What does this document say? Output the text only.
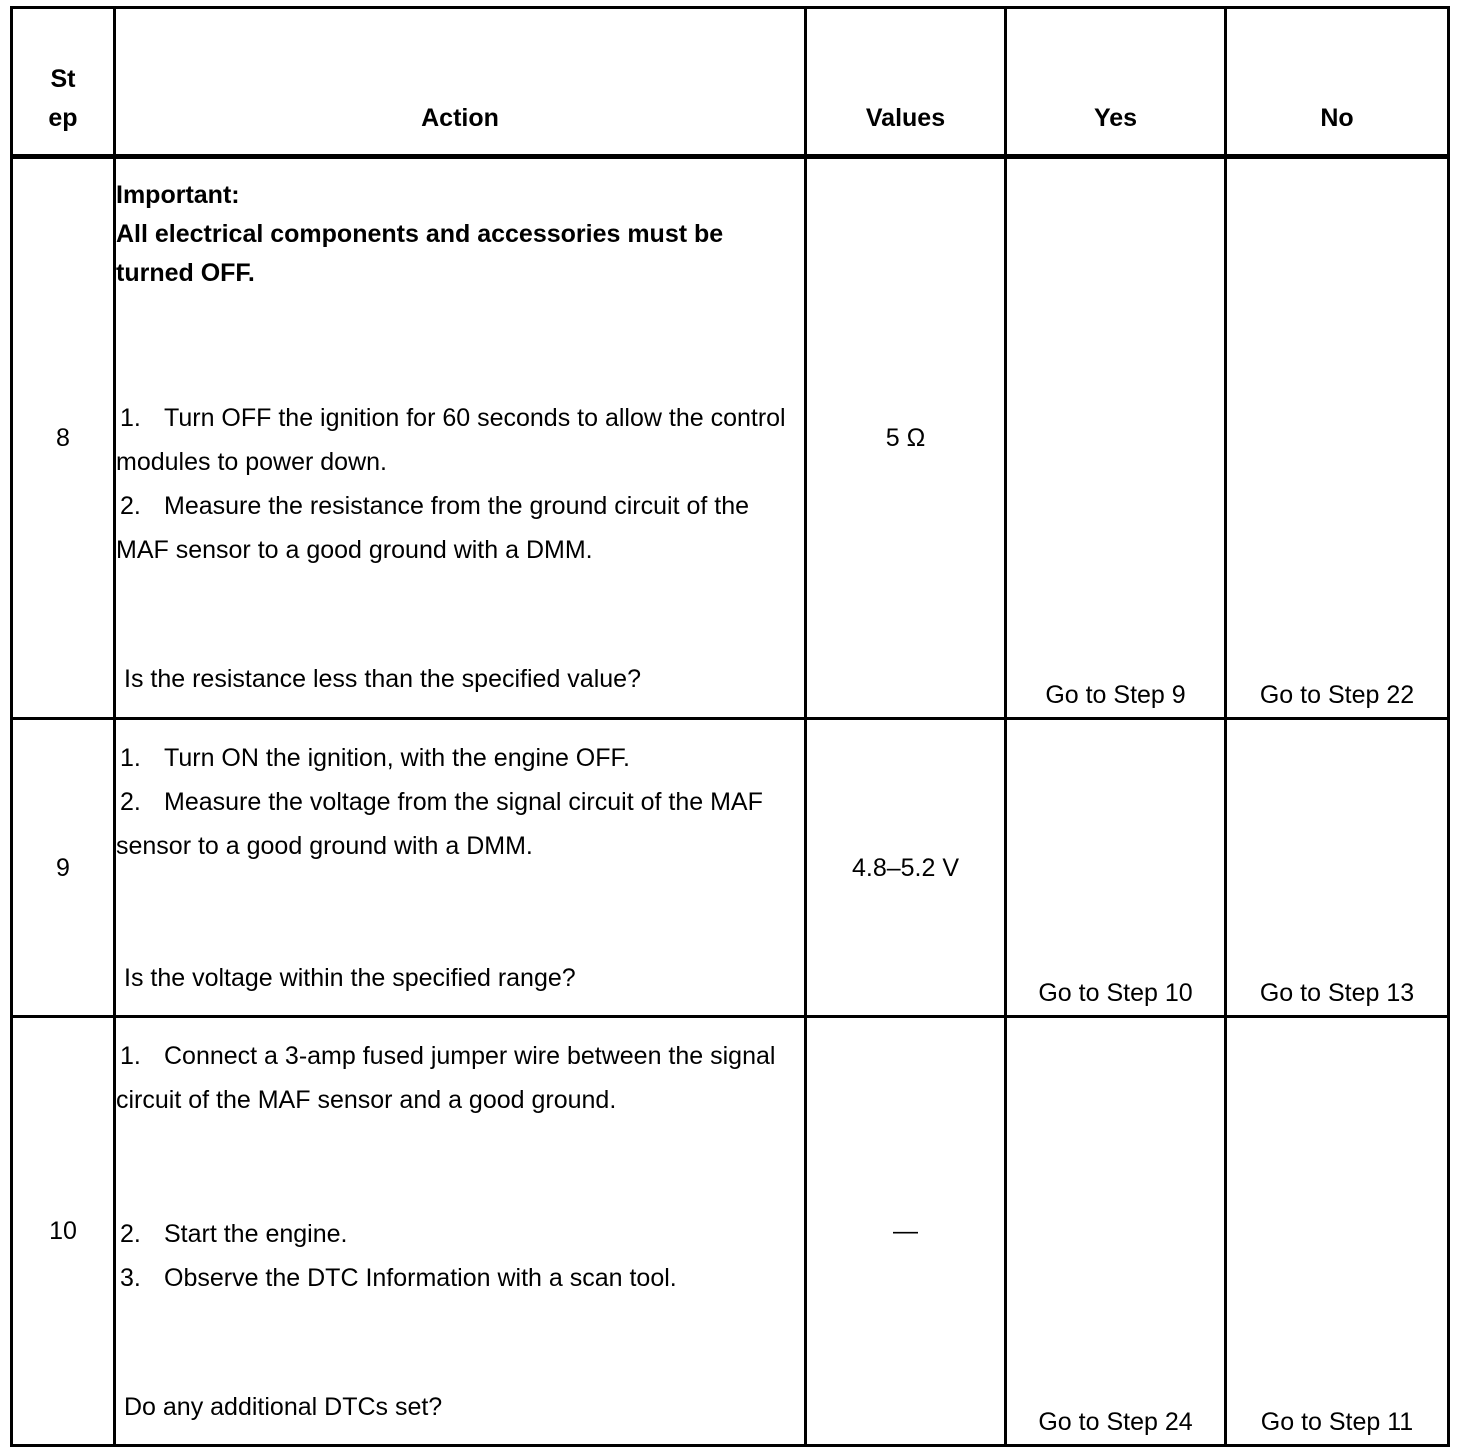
St ep	Action	Values	Yes	No
8	Important:
All electrical components and accessories must be turned OFF.
1. Turn OFF the ignition for 60 seconds to allow the control modules to power down.
2. Measure the resistance from the ground circuit of the MAF sensor to a good ground with a DMM.
Is the resistance less than the specified value?	5 Ω	Go to Step 9	Go to Step 22
9	1. Turn ON the ignition, with the engine OFF.
2. Measure the voltage from the signal circuit of the MAF sensor to a good ground with a DMM.
Is the voltage within the specified range?	4.8–5.2 V	Go to Step 10	Go to Step 13
10	1. Connect a 3-amp fused jumper wire between the signal circuit of the MAF sensor and a good ground.
2. Start the engine.
3. Observe the DTC Information with a scan tool.
Do any additional DTCs set?	—	Go to Step 24	Go to Step 11
